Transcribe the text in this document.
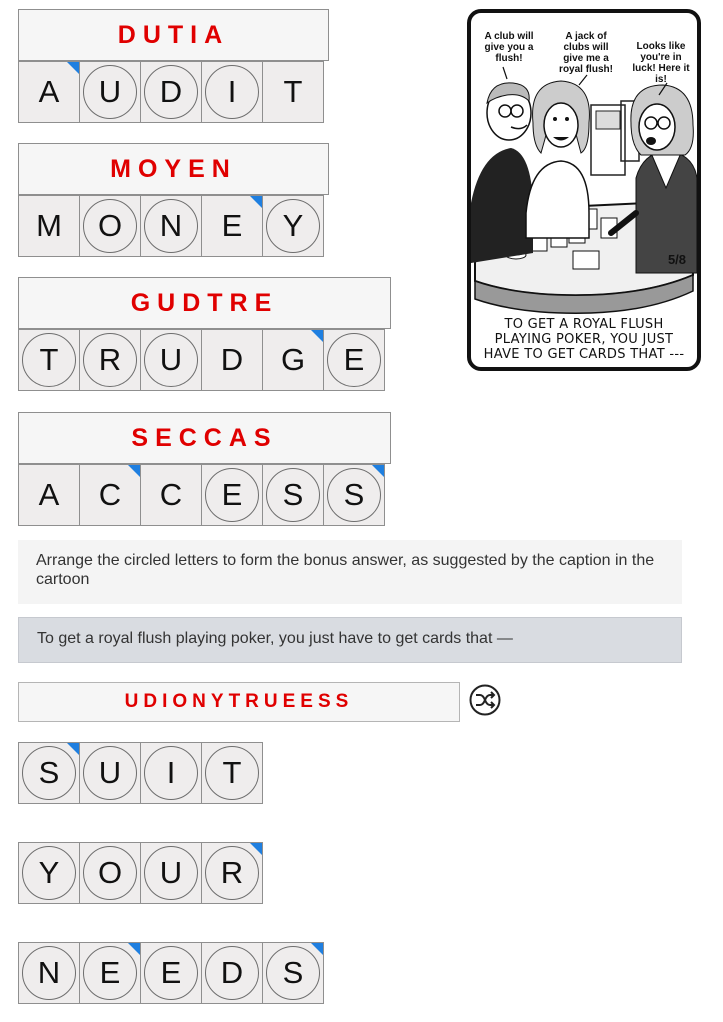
DUTIA
A U D I T
MOYEN
M O N E Y
GUDTRE
T R U D G E
SECCAS
A C C E S S
A club will give you a flush!
A jack of clubs will give me a royal flush!
Looks like you're in luck! Here it is!
5/8
TO GET A ROYAL FLUSH PLAYING POKER, YOU JUST HAVE TO GET CARDS THAT ---
Arrange the circled letters to form the bonus answer, as suggested by the caption in the cartoon
To get a royal flush playing poker, you just have to get cards that —
UDIONYTRUEESS
S U I T
Y O U R
N E E D S
